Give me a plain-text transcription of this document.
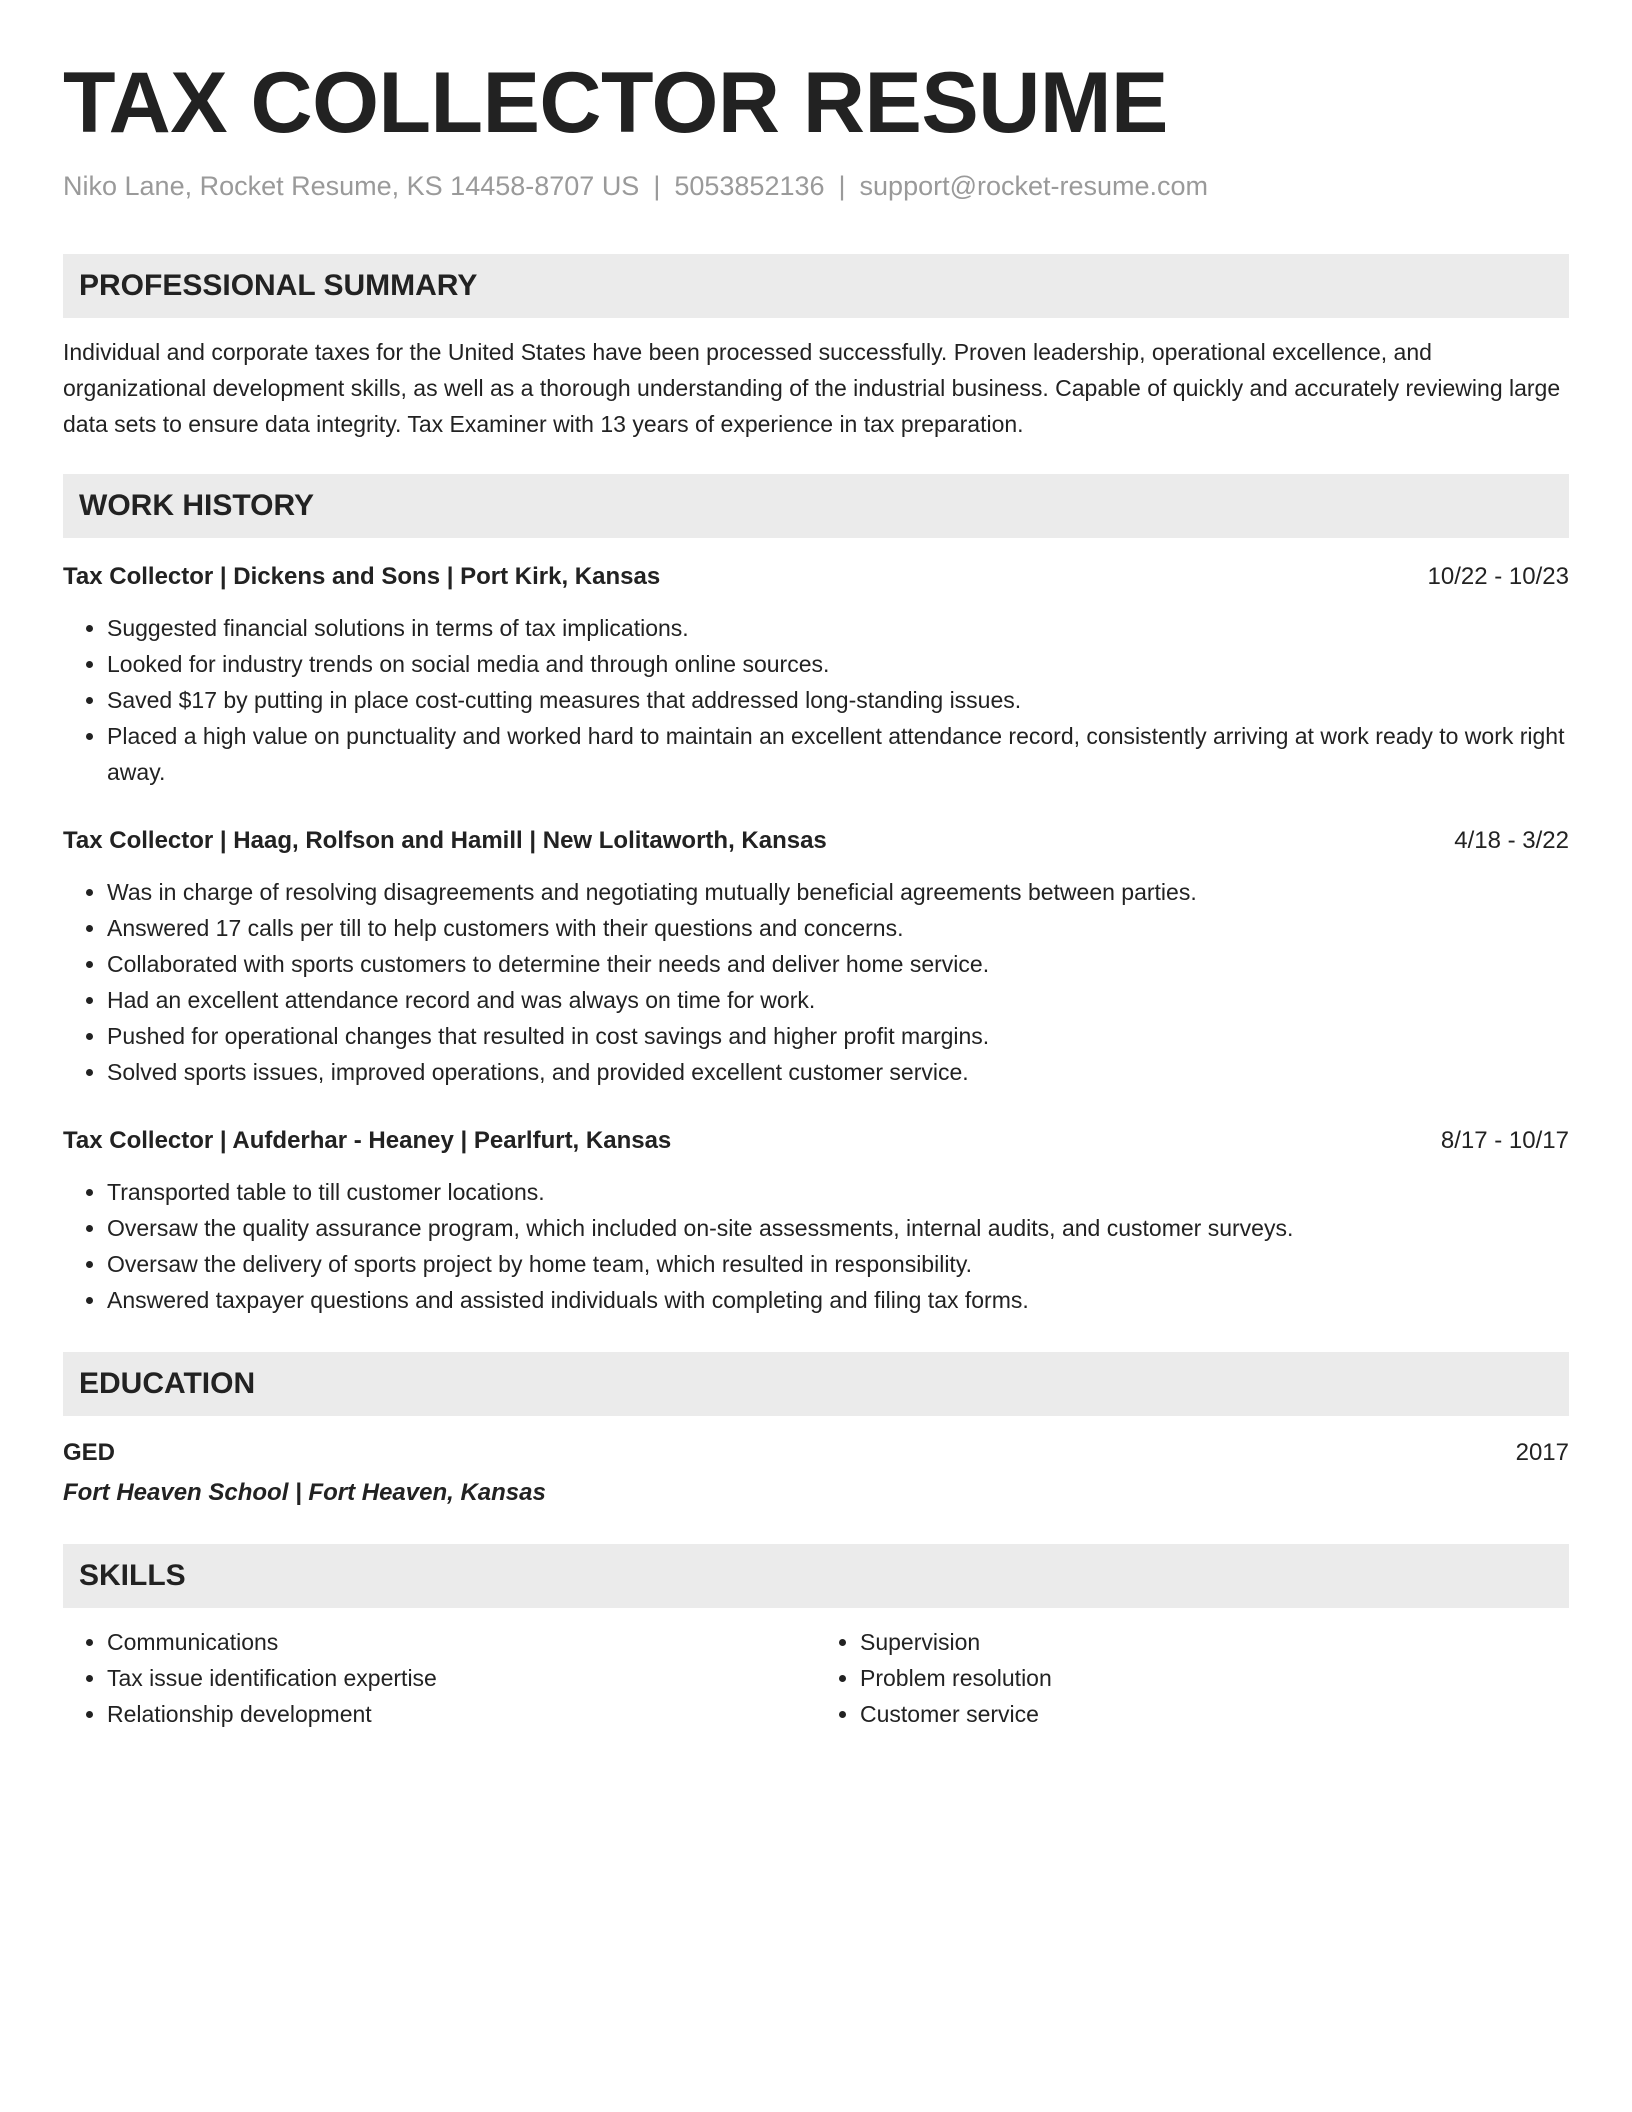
TAX COLLECTOR RESUME
Niko Lane, Rocket Resume, KS 14458-8707 US | 5053852136 | support@rocket-resume.com
PROFESSIONAL SUMMARY

Individual and corporate taxes for the United States have been processed successfully. Proven leadership, operational excellence, and organizational development skills, as well as a thorough understanding of the industrial business. Capable of quickly and accurately reviewing large data sets to ensure data integrity. Tax Examiner with 13 years of experience in tax preparation.

WORK HISTORY
Tax Collector | Dickens and Sons | Port Kirk, Kansas	10/22 - 10/23
• Suggested financial solutions in terms of tax implications.
• Looked for industry trends on social media and through online sources.
• Saved $17 by putting in place cost-cutting measures that addressed long-standing issues.
• Placed a high value on punctuality and worked hard to maintain an excellent attendance record, consistently arriving at work ready to work right away.
Tax Collector | Haag, Rolfson and Hamill | New Lolitaworth, Kansas	4/18 - 3/22
• Was in charge of resolving disagreements and negotiating mutually beneficial agreements between parties.
• Answered 17 calls per till to help customers with their questions and concerns.
• Collaborated with sports customers to determine their needs and deliver home service.
• Had an excellent attendance record and was always on time for work.
• Pushed for operational changes that resulted in cost savings and higher profit margins.
• Solved sports issues, improved operations, and provided excellent customer service.
Tax Collector | Aufderhar - Heaney | Pearlfurt, Kansas	8/17 - 10/17
• Transported table to till customer locations.
• Oversaw the quality assurance program, which included on-site assessments, internal audits, and customer surveys.
• Oversaw the delivery of sports project by home team, which resulted in responsibility.
• Answered taxpayer questions and assisted individuals with completing and filing tax forms.
EDUCATION
GED	2017
Fort Heaven School | Fort Heaven, Kansas
SKILLS
• Communications
• Tax issue identification expertise
• Relationship development
• Supervision
• Problem resolution
• Customer service
